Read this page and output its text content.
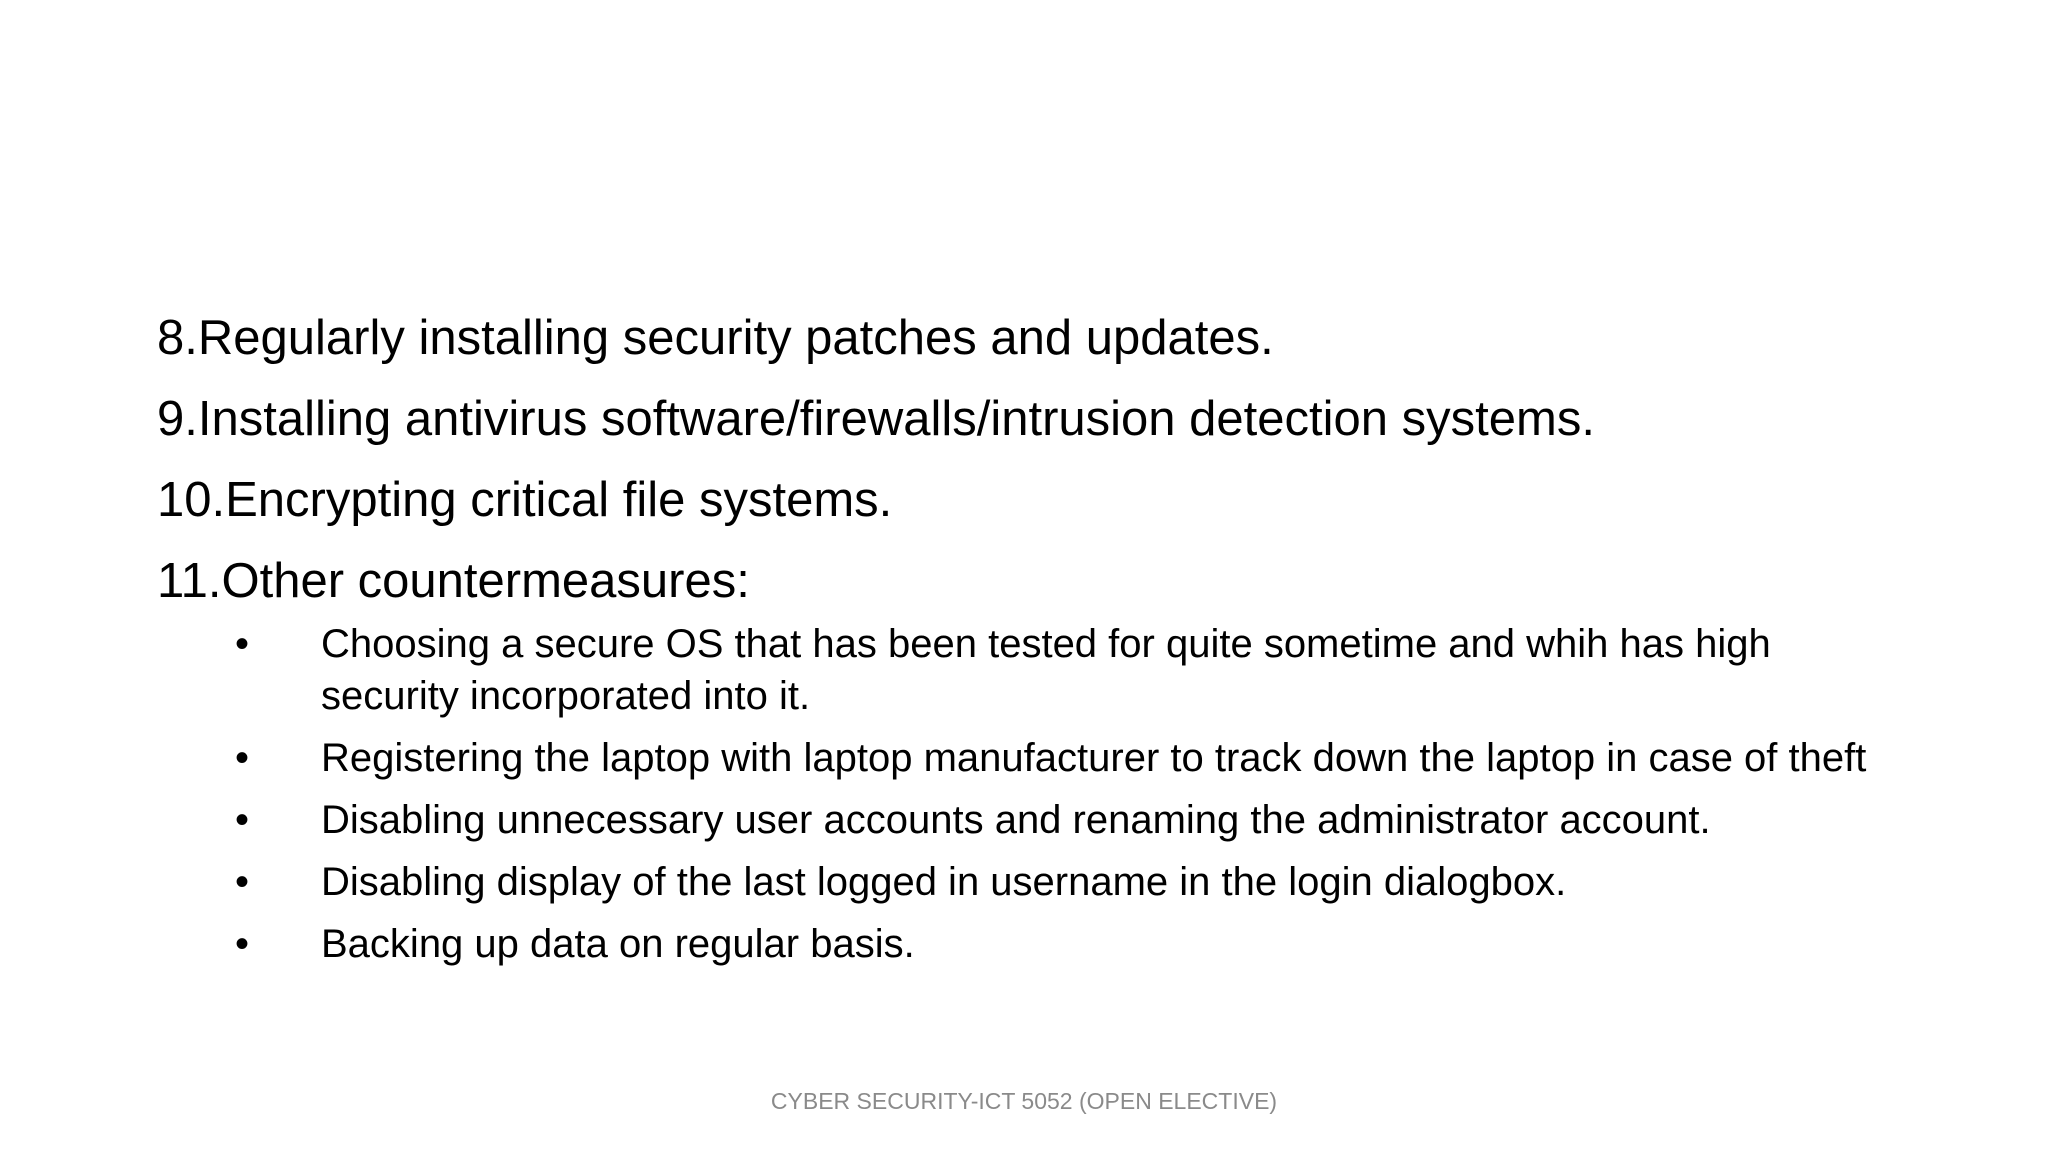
8. Regularly installing security patches and updates.
9. Installing antivirus software/firewalls/intrusion detection systems.
10. Encrypting critical file systems.
11. Other countermeasures:
• Choosing a secure OS that has been tested for quite sometime and whih has high security incorporated into it.
• Registering the laptop with laptop manufacturer to track down the laptop in case of theft
• Disabling unnecessary user accounts and renaming the administrator account.
• Disabling display of the last logged in username in the login dialogbox.
• Backing up data on regular basis.
CYBER SECURITY-ICT 5052 (OPEN ELECTIVE)
